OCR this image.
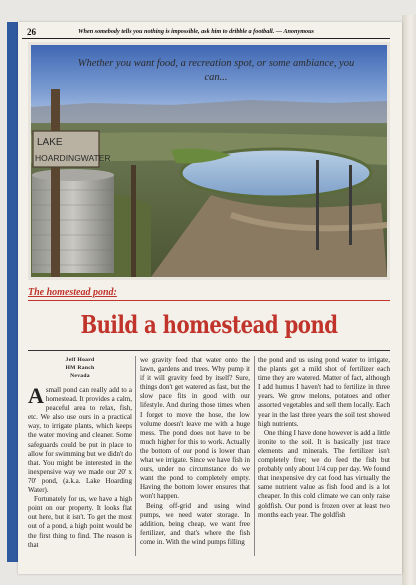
26	When somebody tells you nothing is impossible, ask him to dribble a football. — Anonymous
LAKE
HOARDINGWATER
Whether you want food, a recreation spot, or some ambiance, you can...
The homestead pond:
Build a homestead pond
Jeff Hoard
HM Ranch
Nevada

Asmall pond can really add to a homestead. It provides a calm, peaceful area to relax, fish, etc. We also use ours in a practical way, to irrigate plants, which keeps the water moving and cleaner. Some safeguards could be put in place to allow for swimming but we didn't do that. You might be interested in the inexpensive way we made our 20' x 70' pond, (a.k.a. Lake Hoarding Water).

Fortunately for us, we have a high point on our property. It looks flat out here, but it isn't. To get the most out of a pond, a high point would be the first thing to find. The reason is that

we gravity feed that water onto the lawn, gardens and trees. Why pump it if it will gravity feed by itself? Sure, things don't get watered as fast, but the slow pace fits in good with our lifestyle. And during those times when I forget to move the hose, the low volume doesn't leave me with a huge mess. The pond does not have to be much higher for this to work. Actually the bottom of our pond is lower than what we irrigate. Since we have fish in ours, under no circumstance do we want the pond to completely empty. Having the bottom lower ensures that won't happen.

Being off-grid and using wind pumps, we need water storage. In addition, being cheap, we want free fertilizer, and that's where the fish come in. With the wind pumps filling

the pond and us using pond water to irrigate, the plants get a mild shot of fertilizer each time they are watered. Matter of fact, although I add humus I haven't had to fertilize in three years. We grow melons, potatoes and other assorted vegetables and sell them locally. Each year in the last three years the soil test showed high nutrients.

One thing I have done however is add a little ironite to the soil. It is basically just trace elements and minerals. The fertilizer isn't completely free; we do feed the fish but probably only about 1/4 cup per day. We found that inexpensive dry cat food has virtually the same nutrient value as fish food and is a lot cheaper. In this cold climate we can only raise goldfish. Our pond is frozen over at least two months each year. The goldfish
